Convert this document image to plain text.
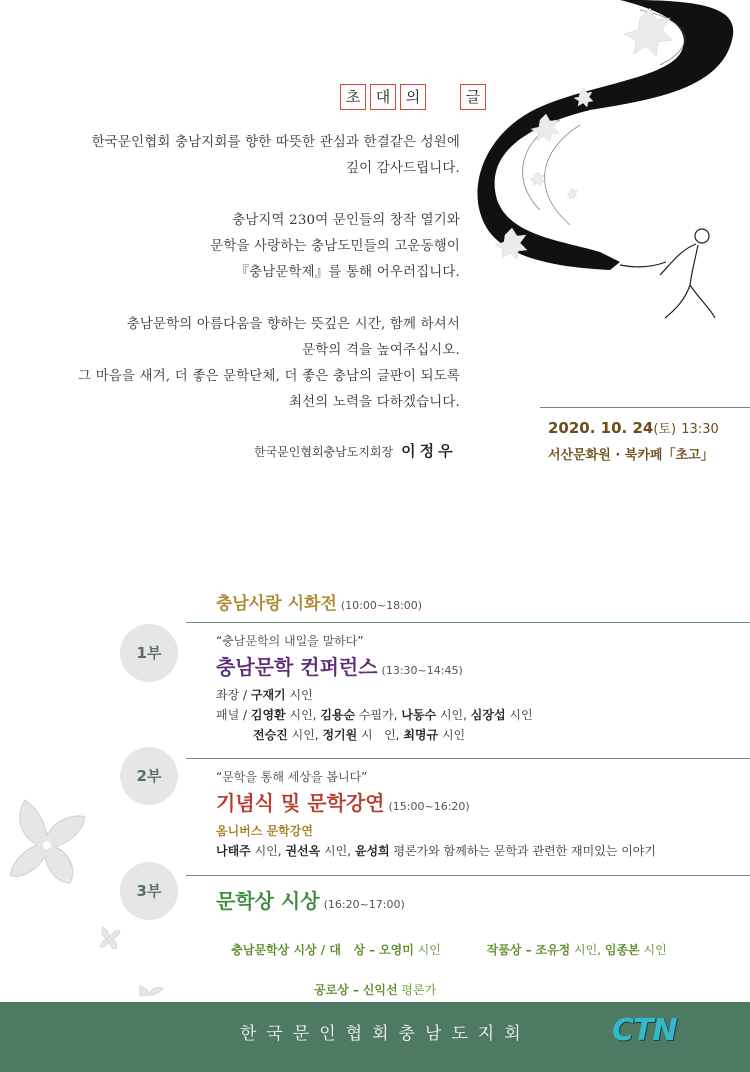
초	대	의	글
한국문인협회 충남지회를 향한 따뜻한 관심과 한결같은 성원에
깊이 감사드립니다.
충남지역 230여 문인들의 창작 열기와
문학을 사랑하는 충남도민들의 고운동행이
『충남문학제』를 통해 어우러집니다.
충남문학의 아름다움을 향하는 뜻깊은 시간, 함께 하셔서
문학의 격을 높여주십시오.
그 마음을 새겨, 더 좋은 문학단체, 더 좋은 충남의 글판이 되도록
최선의 노력을 다하겠습니다.
한국문인협회충남도지회장 이정우
2020. 10. 24(토) 13:30
서산문화원 · 북카페「초고」
충남사랑 시화전 (10:00~18:00)
1부
“충남문학의 내일을 말하다”
충남문학 컨퍼런스 (13:30~14:45)
좌장 / 구재기 시인
패널 / 김영환 시인, 김용순 수필가, 나동수 시인, 심장섭 시인
전승진 시인, 정기원 시   인, 최명규 시인
2부	“문학을 통해 세상을 봅니다”
기념식 및 문학강연 (15:00~16:20)
옴니버스 문학강연
나태주 시인, 권선옥 시인, 윤성희 평론가와 함께하는 문학과 관련한 재미있는 이야기
3부	문학상 시상 (16:20~17:00)

충남문학상 시상 / 대   상 – 오영미 시인	작품상 – 조유정 시인, 임종본 시인

공로상 – 신익선 평론가
한국문인협회충남도지회	CTN
